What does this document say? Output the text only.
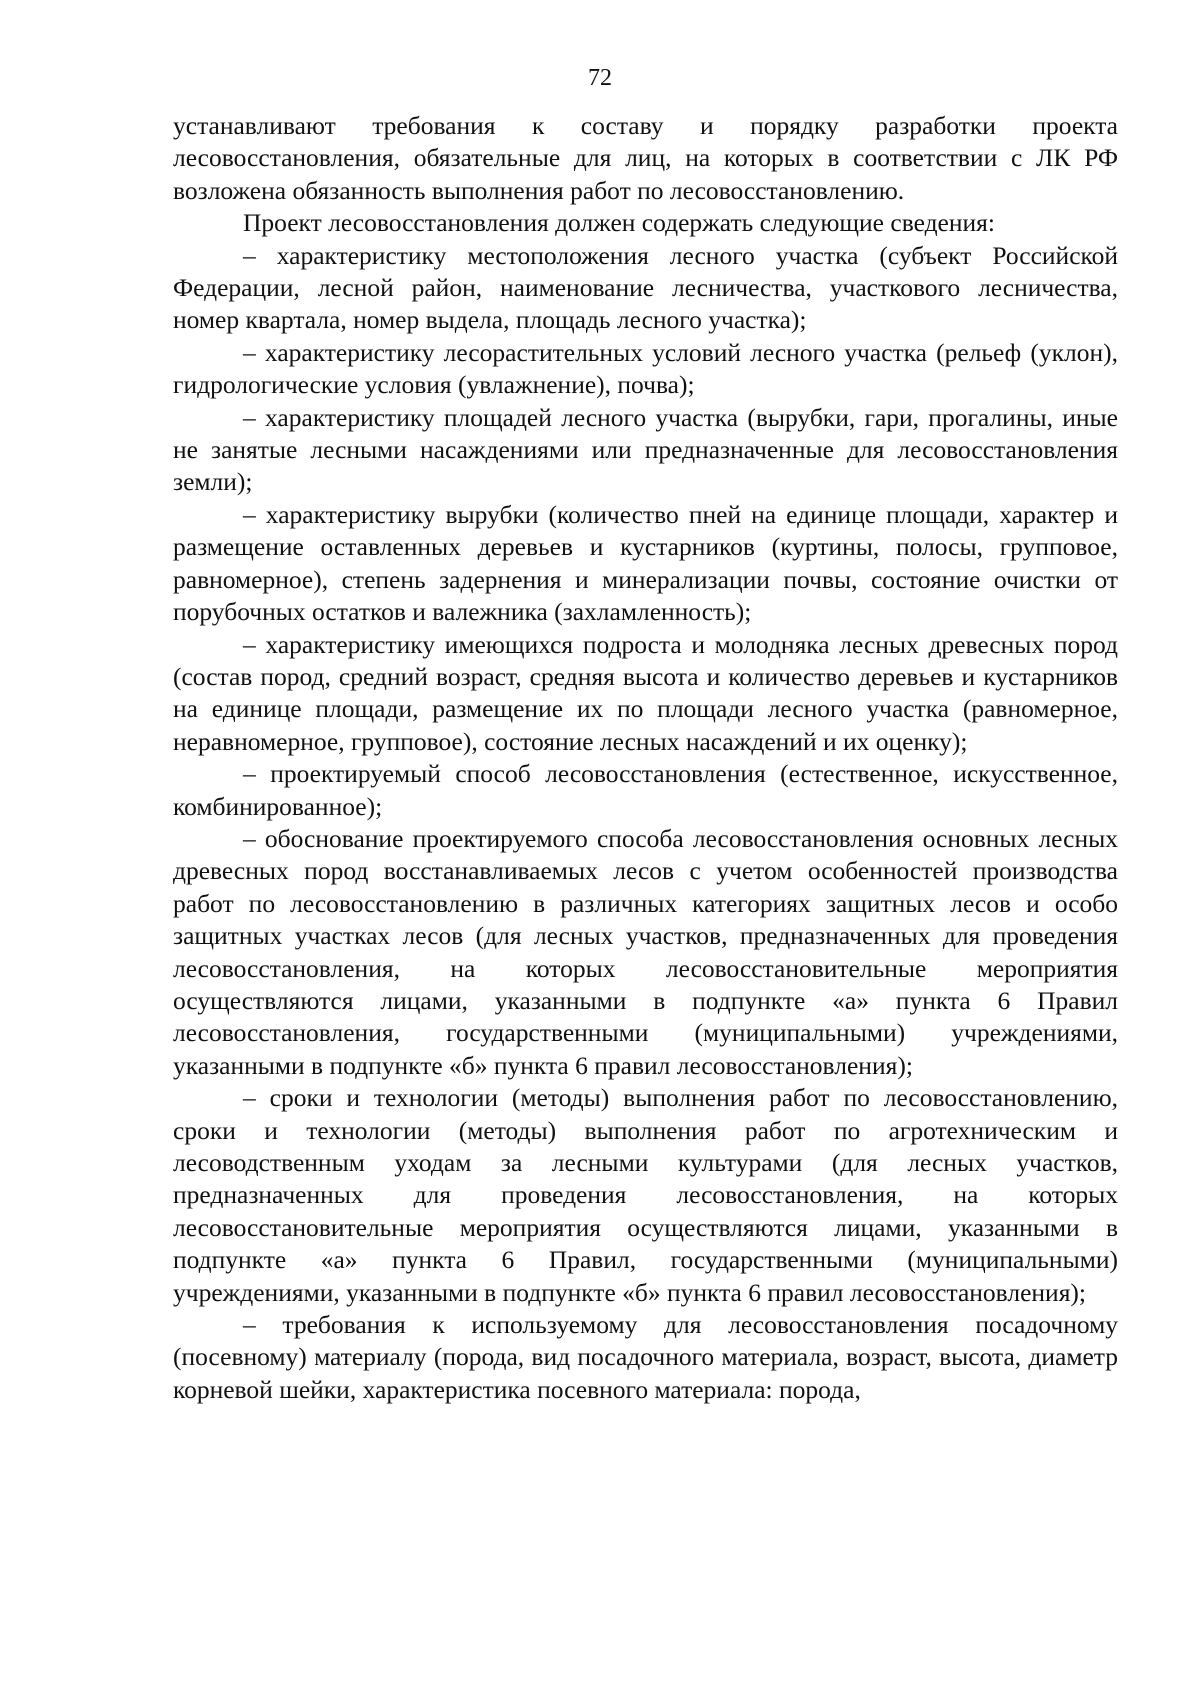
72

устанавливают требования к составу и порядку разработки проекта лесовосстановления, обязательные для лиц, на которых в соответствии с ЛК РФ возложена обязанность выполнения работ по лесовосстановлению.

Проект лесовосстановления должен содержать следующие сведения:

– характеристику местоположения лесного участка (субъект Российской Федерации, лесной район, наименование лесничества, участкового лесничества, номер квартала, номер выдела, площадь лесного участка);

– характеристику лесорастительных условий лесного участка (рельеф (уклон), гидрологические условия (увлажнение), почва);

– характеристику площадей лесного участка (вырубки, гари, прогалины, иные не занятые лесными насаждениями или предназначенные для лесовосстановления земли);

– характеристику вырубки (количество пней на единице площади, характер и размещение оставленных деревьев и кустарников (куртины, полосы, групповое, равномерное), степень задернения и минерализации почвы, состояние очистки от порубочных остатков и валежника (захламленность);

– характеристику имеющихся подроста и молодняка лесных древесных пород (состав пород, средний возраст, средняя высота и количество деревьев и кустарников на единице площади, размещение их по площади лесного участка (равномерное, неравномерное, групповое), состояние лесных насаждений и их оценку);

– проектируемый способ лесовосстановления (естественное, искусственное, комбинированное);

– обоснование проектируемого способа лесовосстановления основных лесных древесных пород восстанавливаемых лесов с учетом особенностей производства работ по лесовосстановлению в различных категориях защитных лесов и особо защитных участках лесов (для лесных участков, предназначенных для проведения лесовосстановления, на которых лесовосстановительные мероприятия осуществляются лицами, указанными в подпункте «а» пункта 6 Правил лесовосстановления, государственными (муниципальными) учреждениями, указанными в подпункте «б» пункта 6 правил лесовосстановления);

– сроки и технологии (методы) выполнения работ по лесовосстановлению, сроки и технологии (методы) выполнения работ по агротехническим и лесоводственным уходам за лесными культурами (для лесных участков, предназначенных для проведения лесовосстановления, на которых лесовосстановительные мероприятия осуществляются лицами, указанными в подпункте «а» пункта 6 Правил, государственными (муниципальными) учреждениями, указанными в подпункте «б» пункта 6 правил лесовосстановления);

– требования к используемому для лесовосстановления посадочному (посевному) материалу (порода, вид посадочного материала, возраст, высота, диаметр корневой шейки, характеристика посевного материала: порода,
